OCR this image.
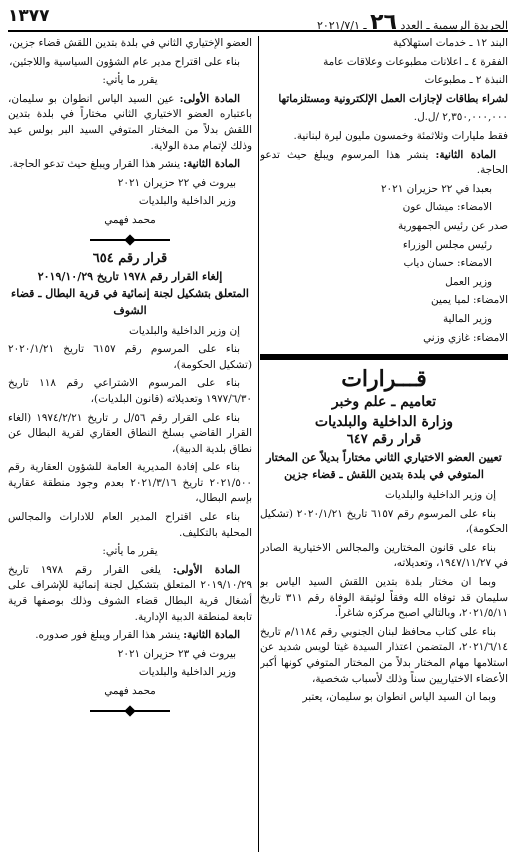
الجريدة الرسمية ـ العدد ٢٦ ـ ٢٠٢١/٧/١
١٣٧٧

البند ١٢ ـ خدمات استهلاكية

الفقرة ٤ ـ اعلانات مطبوعات وعلاقات عامة

النبذة ٢ ـ مطبوعات

لشراء بطاقات لإجازات العمل الإلكترونية ومستلزماتها

٢,٣٥٠,٠٠٠,٠٠٠ /ل.ل.

فقط مليارات وثلاثمئة وخمسون مليون ليرة لبنانية.

المادة الثانية: ينشر هذا المرسوم ويبلغ حيث تدعو الحاجة.

بعبدا في ٢٢ حزيران ٢٠٢١

الامضاء: ميشال عون

صدر عن رئيس الجمهورية

رئيس مجلس الوزراء

الامضاء: حسان دياب

وزير العمل

الامضاء: لميا يمين

وزير المالية

الامضاء: غازي وزني

قـــرارات
تعاميم ـ علم وخبر
وزارة الداخلية والبلديات
قرار رقم ٦٤٧
تعيين العضو الاختياري الثاني مختاراً بديلاً عن المختار المتوفي في بلدة بتدين اللقش ـ قضاء جزين

إن وزير الداخلية والبلديات

بناء على المرسوم رقم ٦١٥٧ تاريخ ٢٠٢٠/١/٢١ (تشكيل الحكومة)،

بناء على قانون المختارين والمجالس الاختيارية الصادر في ١٩٤٧/١١/٢٧، وتعديلاته،

وبما ان مختار بلدة بتدين اللقش السيد الياس بو سليمان قد توفاه الله وفقاً لوثيقة الوفاة رقم ٣١١ تاريخ ٢٠٢١/٥/١١، وبالتالي اصبح مركزه شاغراً.

بناء على كتاب محافظ لبنان الجنوبي رقم ١١٨٤/م تاريخ ٢٠٢١/٦/١٤، المتضمن اعتذار السيدة غيتا لويس شديد عن استلامها مهام المختار بدلاً من المختار المتوفي كونها أكبر الأعضاء الاختياريين سناً وذلك لأسباب شخصية،

وبما ان السيد الياس انطوان بو سليمان، يعتبر

العضو الإختياري الثاني في بلدة بتدين اللقش قضاء جزين،

بناء على اقتراح مدير عام الشؤون السياسية واللاجئين،

يقرر ما يأتي:

المادة الأولى: عين السيد الياس انطوان بو سليمان، باعتباره العضو الاختياري الثاني مختاراً في بلدة بتدين اللقش بدلاً من المختار المتوفي السيد البر بولس عيد وذلك لإتمام مدة الولاية.

المادة الثانية: ينشر هذا القرار ويبلغ حيث تدعو الحاجة.

بيروت في ٢٢ حزيران ٢٠٢١

وزير الداخلية والبلديات

محمد فهمي

قرار رقم ٦٥٤
إلغاء القرار رقم ١٩٧٨ تاريخ ٢٠١٩/١٠/٢٩
المتعلق بتشكيل لجنة إنمائية في قرية البطال ـ قضاء الشوف

إن وزير الداخلية والبلديات

بناء على المرسوم رقم ٦١٥٧ تاريخ ٢٠٢٠/١/٢١ (تشكيل الحكومة)،

بناء على المرسوم الاشتراعي رقم ١١٨ تاريخ ١٩٧٧/٦/٣٠ وتعديلاته (قانون البلديات)،

بناء على القرار رقم ٥٦/ل ر تاريخ ١٩٧٤/٢/٢١ (الغاء القرار القاضي بسلخ النطاق العقاري لقرية البطال عن نطاق بلدية الدبية)،

بناء على إفادة المديرية العامة للشؤون العقارية رقم ٢٠٢١/٥٠٠ تاريخ ٢٠٢١/٣/١٦ بعدم وجود منطقة عقارية بإسم البطال،

بناء على اقتراح المدير العام للادارات والمجالس المحلية بالتكليف.

يقرر ما يأتي:

المادة الأولى: يلغى القرار رقم ١٩٧٨ تاريخ ٢٠١٩/١٠/٢٩ المتعلق بتشكيل لجنة إنمائية للإشراف على أشغال قرية البطال قضاء الشوف وذلك بوصفها قرية تابعة لمنطقة الدبية الإدارية.

المادة الثانية: ينشر هذا القرار ويبلغ فور صدوره.

بيروت في ٢٣ حزيران ٢٠٢١

وزير الداخلية والبلديات

محمد فهمي
